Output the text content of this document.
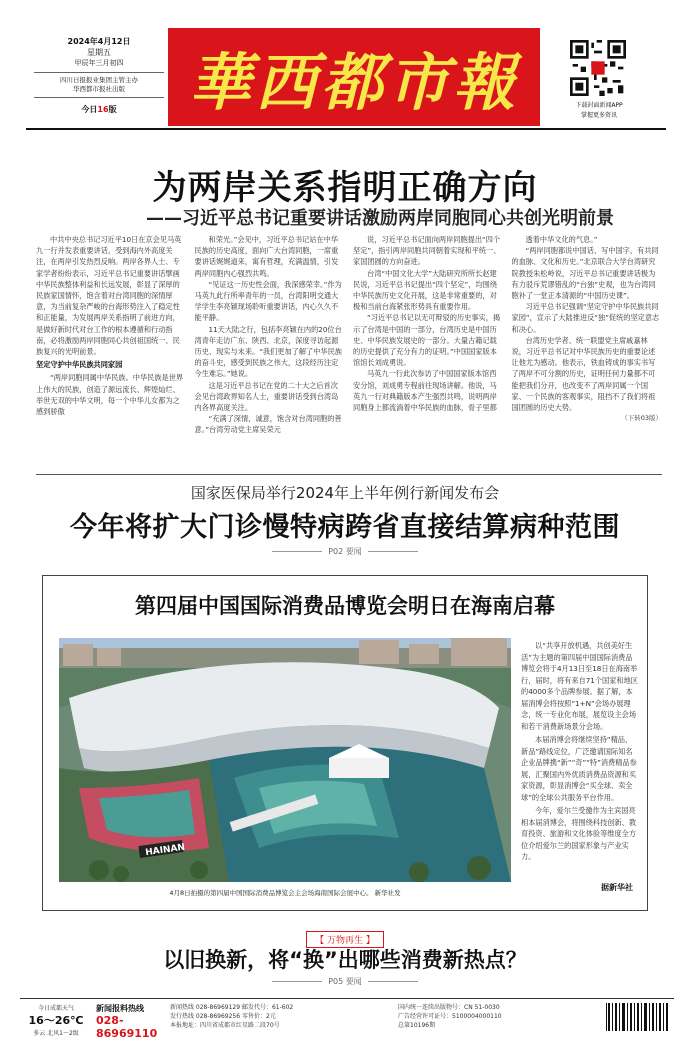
2024年4月12日
星期五
甲辰年三月初四
四川日报报业集团主管主办
华西都市报社出版
今日16版	華西都市報	下载封面新闻APP
掌握更多资讯
为两岸关系指明正确方向
——习近平总书记重要讲话激励两岸同胞同心共创光明前景

中共中央总书记习近平10日在京会见马英九一行并发表重要讲话，受到海内外高度关注，在两岸引发热烈反响。两岸各界人士、专家学者纷纷表示，习近平总书记重要讲话擘画中华民族整体利益和长远发展，彰显了深厚的民族家国情怀，饱含着对台湾同胞的深情厚意，为当前复杂严峻的台海形势注入了稳定性和正能量，为发展两岸关系指明了前进方向，是做好新时代对台工作的根本遵循和行动指南，必将激励两岸同胞同心共创祖国统一、民族复兴的光明前景。

坚定守护中华民族共同家园

“两岸同胞同属中华民族。中华民族是世界上伟大的民族，创造了源远流长、辉煌灿烂、举世无双的中华文明，每一个中华儿女都为之感到骄傲

和荣光。”会见中，习近平总书记站在中华民族的历史高度，面向广大台湾同胞，一席重要讲话娓娓道来，寓有哲理，充满温情，引发两岸同胞内心强烈共鸣。

“见证这一历史性会面，我深感荣幸。”作为马英九此行所率青年的一员，台湾阳明交通大学学生李亮颖现场聆听重要讲话，内心久久不能平静。

11天大陆之行，包括李亮颖在内的20位台湾青年走访广东、陕西、北京，深度寻访起源历史、现实与未来。“我们更加了解了中华民族的奋斗史，感受到民族之伟大，这段经历注定今生难忘。”她说。

这是习近平总书记在党的二十大之后首次会见台湾政界知名人士，重要讲话受到台湾岛内各界高度关注。

“充满了深情，诚意，饱含对台湾同胞的善意。”台湾劳动党主席吴荣元

说，习近平总书记面向两岸同胞提出“四个坚定”，指引两岸同胞共同朝着实现和平统一、家国团圆的方向奋进。

台湾“中国文化大学”大陆研究所所长赵建民说，习近平总书记提出“四个坚定”，均围绕中华民族历史文化开展，这是非常重要的，对极和当前台海紧张形势具有重要作用。

“习近平总书记以无可辩驳的历史事实，揭示了台湾是中国的一部分，台湾历史是中国历史、中华民族发展史的一部分。大量古籍记载的历史提供了充分有力的证明。”中国国家版本馆馆长刘成勇说。

马英九一行此次参访了中国国家版本馆西安分馆，刘成勇专程前往现场讲解。他说，马英九一行对典籍版本产生强烈共鸣，说明两岸同胞身上都流淌着中华民族的血脉，骨子里都

透着中华文化的气息。”

“两岸同胞都说中国话、写中国字，有共同的血脉、文化和历史。”北京联合大学台湾研究院教授朱松岭说，习近平总书记重要讲话极为有力驳斥荒谬错乱的“台独”史观，也为台湾同胞补了一堂正本清源的“中国历史课”。

习近平总书记强调“坚定守护中华民族共同家园”，宣示了大陆推进反“独”促统的坚定意志和决心。

台湾历史学者、统一联盟党主席戚嘉林说，习近平总书记对中华民族历史的重要论述让他尤为感动。他表示，铁血铸成的事实书写了两岸不可分割的历史，证明任何力量都不可能把我们分开，也改变不了两岸同属一个国家、一个民族的客观事实，阻挡不了我们将祖国团圆的历史大势。

（下转03版）

国家医保局举行2024年上半年例行新闻发布会
今年将扩大门诊慢特病跨省直接结算病种范围
P02 要闻
第四届中国国际消费品博览会明日在海南启幕
HAINAN
4月8日拍摄的第四届中国国际消费品博览会主会场海南国际会展中心。 新华社发

以“共享开放机遇，共创美好生活”为主题的第四届中国国际消费品博览会将于4月13日至18日在海南举行，届时，将有来自71个国家和地区的4000多个品牌参展。据了解，本届消博会将按照“1+N”会场办展理念，统一专业化布展，展览设主会场和若干消费新场景分会场。

本届消博会将继续坚持“精品、新品”路线定位，广泛邀请国际知名企业品牌携“新”“奇”“特”消费精品参展，汇聚国内外优质消费品资源和买家资源，彰显消博会“买全球、卖全球”的全球公共服务平台作用。

今年，爱尔兰受邀作为主宾国亮相本届消博会，将围绕科技创新、教育投资、旅游和文化体验等维度全方位介绍爱尔兰的国家形象与产业实力。

据新华社
【 万物再生 】
以旧换新，将“换”出哪些消费新热点？
P05 要闻
今日成都天气
16～26℃
多云 北风1～2级
新闻报料热线
028-86969110
新闻热线 028-86969129 邮发代号：61-602
发行热线 028-86969256 零售价：2元
本报地址：四川省成都市红星路二段70号
国内统一连续出版物号：CN 51-0030
广告经营许可证号：5100004000110
总第10196期
